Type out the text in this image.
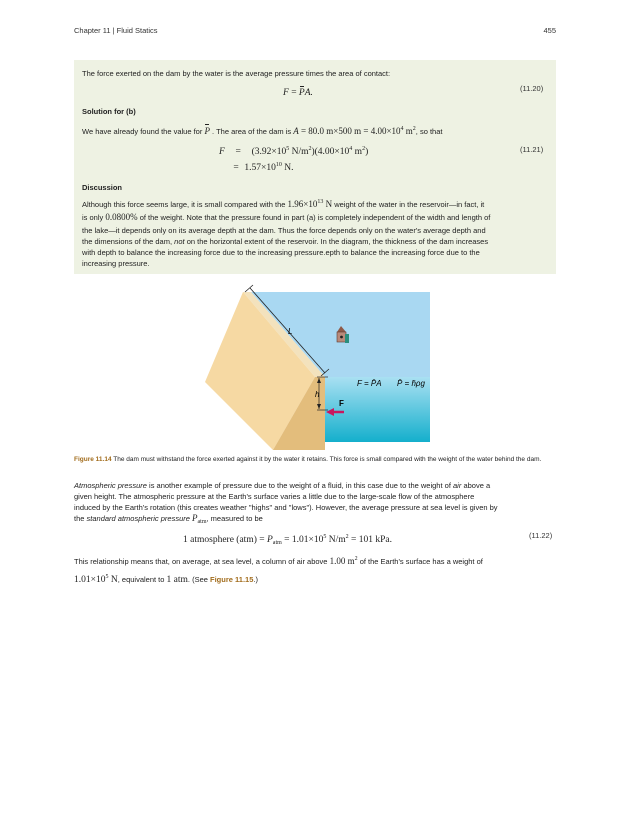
Chapter 11 | Fluid Statics	455
The force exerted on the dam by the water is the average pressure times the area of contact:
F = PA.	(11.20)
Solution for (b)
We have already found the value for P . The area of the dam is A = 80.0 m×500 $m = 4.00\times 10^4$ $m^2$, so that
$F = (3.92\times 10^5$ $N/m^2)(4.00\times 10^4$ $m^2$)
= $1.57\times 10^{10}$ N.
(11.21)
Discussion
Although this force seems large, it is small compared with the $1.96\times 10^{13}$ N weight of the water in the reservoir—in fact, it
is only 0.0800% of the weight. Note that the pressure found in part (a) is completely independent of the width and length of
the lake—it depends only on its average depth at the dam. Thus the force depends only on the water's average depth and
the dimensions of the dam, not on the horizontal extent of the reservoir. In the diagram, the thickness of the dam increases
with depth to balance the increasing force due to the increasing pressure.epth to balance the increasing force due to the
increasing pressure.
L
h
F
F = P̄A P̄ = h̄ρg
Figure 11.14 The dam must withstand the force exerted against it by the water it retains. This force is small compared with the weight of the water behind the dam.
Atmospheric pressure is another example of pressure due to the weight of a fluid, in this case due to the weight of air above a
given height. The atmospheric pressure at the Earth's surface varies a little due to the large-scale flow of the atmosphere
induced by the Earth's rotation (this creates weather "highs" and "lows"). However, the average pressure at sea level is given by
the standard atmospheric pressure $P_{atm}$, measured to be
1 atmosphere $(atm) = P_{atm} = 1.01\times 10^5$ $N/m^2 = 101$ kPa.	(11.22)
This relationship means that, on average, at sea level, a column of air above 1.00 $m^2$ of the Earth's surface has a weight of
$1.01\times 10^5$ N, equivalent to 1 atm. (See Figure 11.15.)
